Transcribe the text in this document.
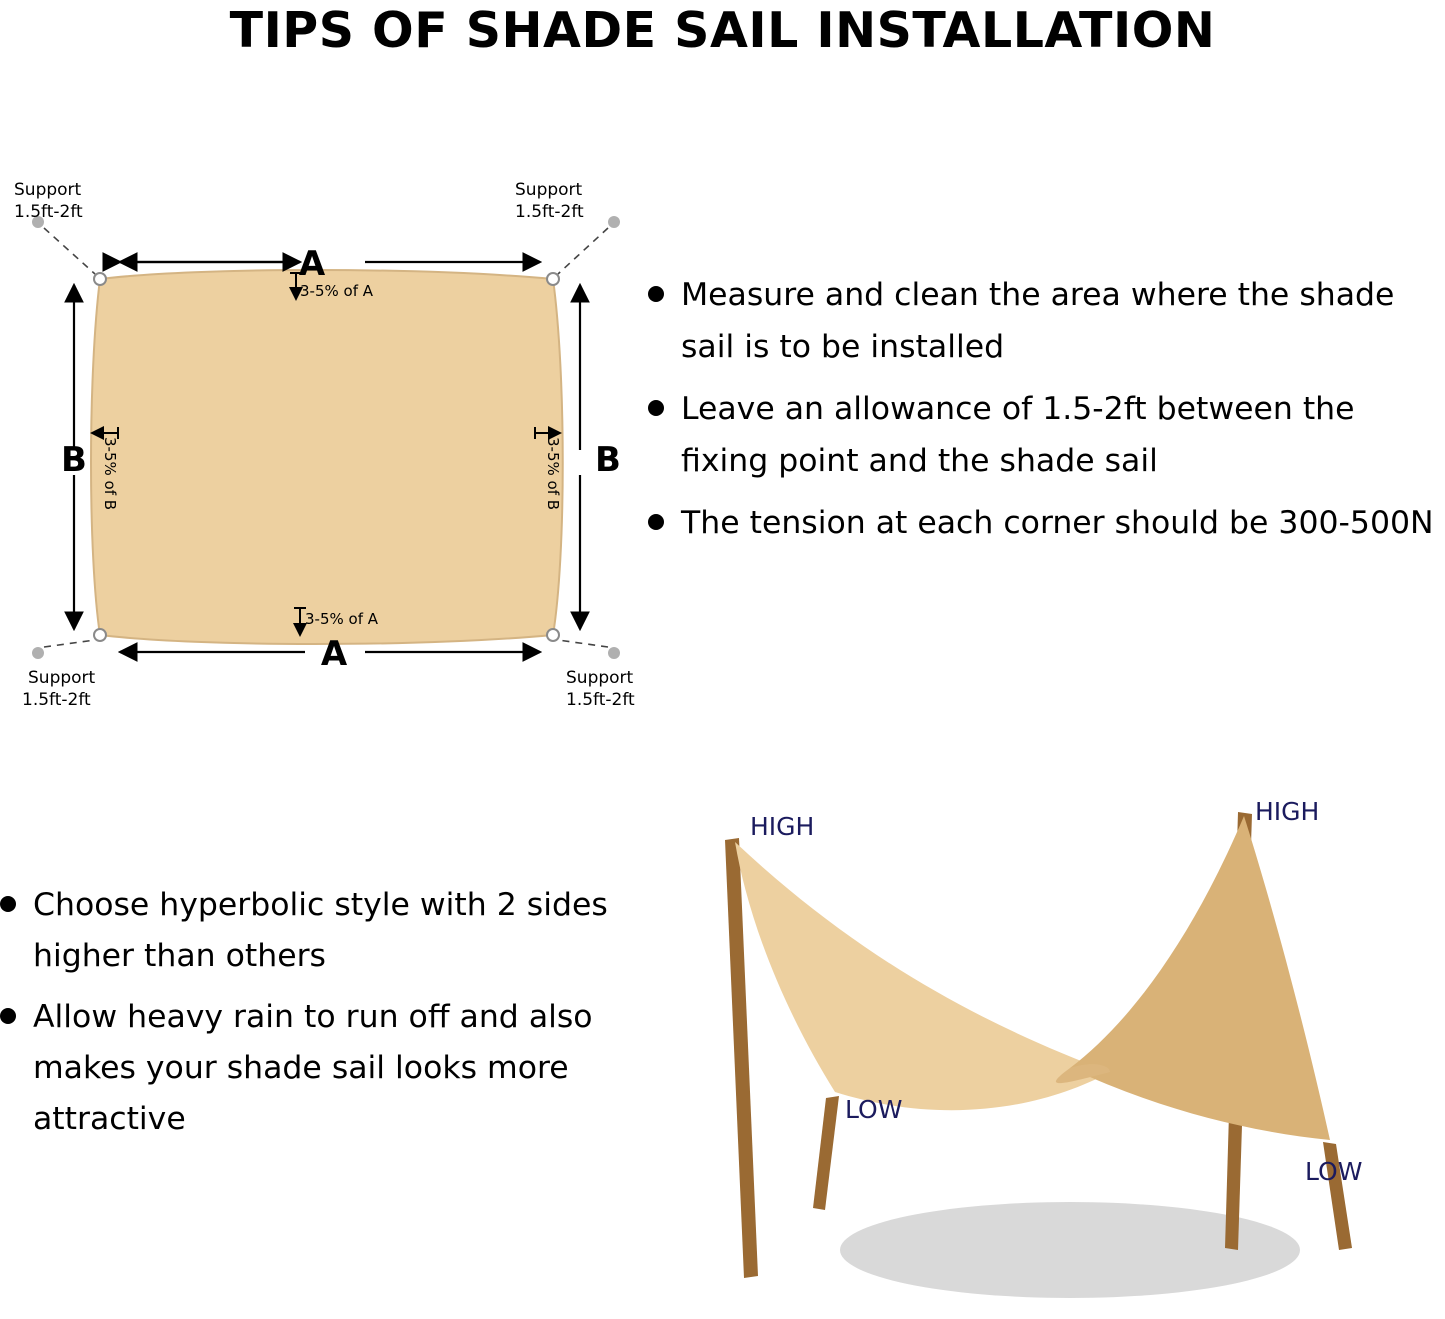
TIPS OF SHADE SAIL INSTALLATION
Support
1.5ft-2ft
Support
1.5ft-2ft
Support
1.5ft-2ft
Support
1.5ft-2ft
A
3-5% of A
A
3-5% of A
B 3-5% of B	B
3-5% of B
Measure and clean the area where the shade sail is to be installed
Leave an allowance of 1.5-2ft between the fixing point and the shade sail
The tension at each corner should be 300-500N
Choose hyperbolic style with 2 sides higher than others
Allow heavy rain to run off and also makes your shade sail looks more attractive
HIGH
HIGH
LOW
LOW
